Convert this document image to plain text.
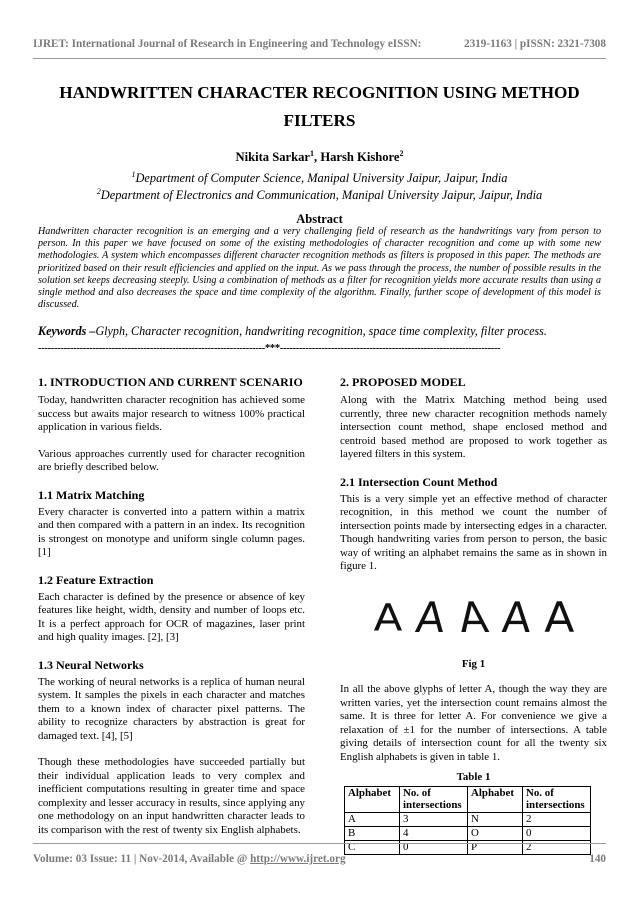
IJRET: International Journal of Research in Engineering and Technology eISSN:	2319-1163 | pISSN: 2321-7308
HANDWRITTEN CHARACTER RECOGNITION USING METHOD
FILTERS
Nikita Sarkar$^1$, Harsh Kishore$^2$
$^1$Department of Computer Science, Manipal University Jaipur, Jaipur, India
$^2$Department of Electronics and Communication, Manipal University Jaipur, Jaipur, India
Abstract
Handwritten character recognition is an emerging and a very challenging field of research as the handwritings vary from person to person. In this paper we have focused on some of the existing methodologies of character recognition and come up with some new methodologies. A system which encompasses different character recognition methods as filters is proposed in this paper. The methods are prioritized based on their result efficiencies and applied on the input. As we pass through the process, the number of possible results in the solution set keeps decreasing steeply. Using a combination of methods as a filter for recognition yields more accurate results than using a single method and also decreases the space and time complexity of the algorithm. Finally, further scope of development of this model is discussed.
Keywords –Glyph, Character recognition, handwriting recognition, space time complexity, filter process.
-----------------------------------------------------------------------***---------------------------------------------------------------------
1. INTRODUCTION AND CURRENT SCENARIO

Today, handwritten character recognition has achieved some success but awaits major research to witness 100% practical application in various fields.

Various approaches currently used for character recognition are briefly described below.

1.1 Matrix Matching

Every character is converted into a pattern within a matrix and then compared with a pattern in an index. Its recognition is strongest on monotype and uniform single column pages. [1]

1.2 Feature Extraction

Each character is defined by the presence or absence of key features like height, width, density and number of loops etc. It is a perfect approach for OCR of magazines, laser print and high quality images. [2], [3]

1.3 Neural Networks

The working of neural networks is a replica of human neural system. It samples the pixels in each character and matches them to a known index of character pixel patterns. The ability to recognize characters by abstraction is great for damaged text. [4], [5]

Though these methodologies have succeeded partially but their individual application leads to very complex and inefficient computations resulting in greater time and space complexity and lesser accuracy in results, since applying any one methodology on an input handwritten character leads to its comparison with the rest of twenty six English alphabets.

2. PROPOSED MODEL

Along with the Matrix Matching method being used currently, three new character recognition methods namely intersection count method, shape enclosed method and centroid based method are proposed to work together as layered filters in this system.

2.1 Intersection Count Method

This is a very simple yet an effective method of character recognition, in this method we count the number of intersection points made by intersecting edges in a character. Though handwriting varies from person to person, the basic way of writing an alphabet remains the same as in shown in figure 1.

A A A A A
Fig 1

In all the above glyphs of letter A, though the way they are written varies, yet the intersection count remains almost the same. It is three for letter A. For convenience we give a relaxation of ±1 for the number of intersections. A table giving details of intersection count for all the twenty six English alphabets is given in table 1.

Table 1
Alphabet	No. of intersections	Alphabet	No. of intersections
A	3	N	2
B	4	O	0
C	0	P	2
Volume: 03 Issue: 11 | Nov-2014, Available @ http://www.ijret.org	140
